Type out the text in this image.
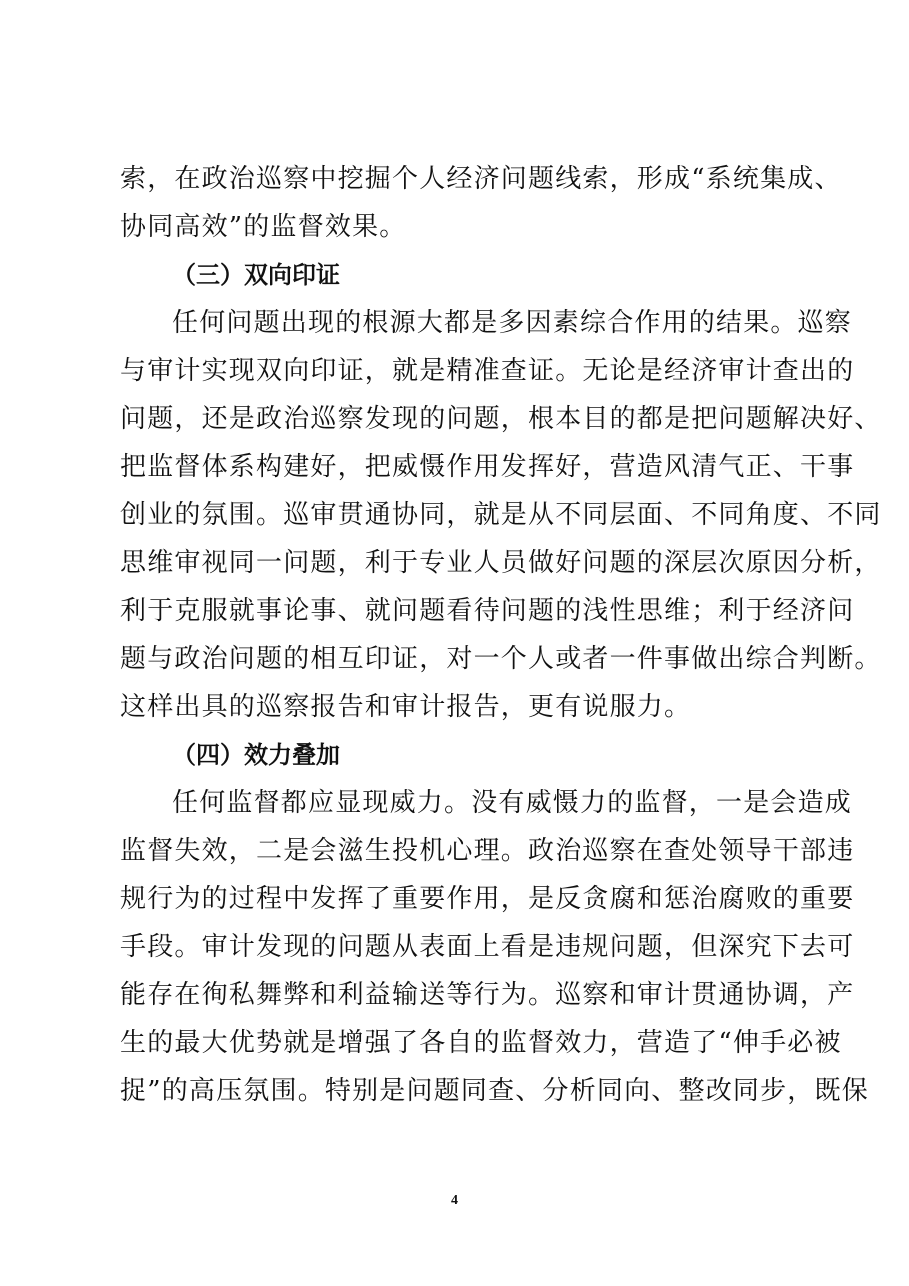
索，在政治巡察中挖掘个人经济问题线索，形成“系统集成、

协同高效”的监督效果。

（三）双向印证

任何问题出现的根源大都是多因素综合作用的结果。巡察

与审计实现双向印证，就是精准查证。无论是经济审计查出的

问题，还是政治巡察发现的问题，根本目的都是把问题解决好、

把监督体系构建好，把威慑作用发挥好，营造风清气正、干事

创业的氛围。巡审贯通协同，就是从不同层面、不同角度、不同

思维审视同一问题，利于专业人员做好问题的深层次原因分析，

利于克服就事论事、就问题看待问题的浅性思维；利于经济问

题与政治问题的相互印证，对一个人或者一件事做出综合判断。

这样出具的巡察报告和审计报告，更有说服力。

（四）效力叠加

任何监督都应显现威力。没有威慑力的监督，一是会造成

监督失效，二是会滋生投机心理。政治巡察在查处领导干部违

规行为的过程中发挥了重要作用，是反贪腐和惩治腐败的重要

手段。审计发现的问题从表面上看是违规问题，但深究下去可

能存在徇私舞弊和利益输送等行为。巡察和审计贯通协调，产

生的最大优势就是增强了各自的监督效力，营造了“伸手必被

捉”的高压氛围。特别是问题同查、分析同向、整改同步，既保

4
